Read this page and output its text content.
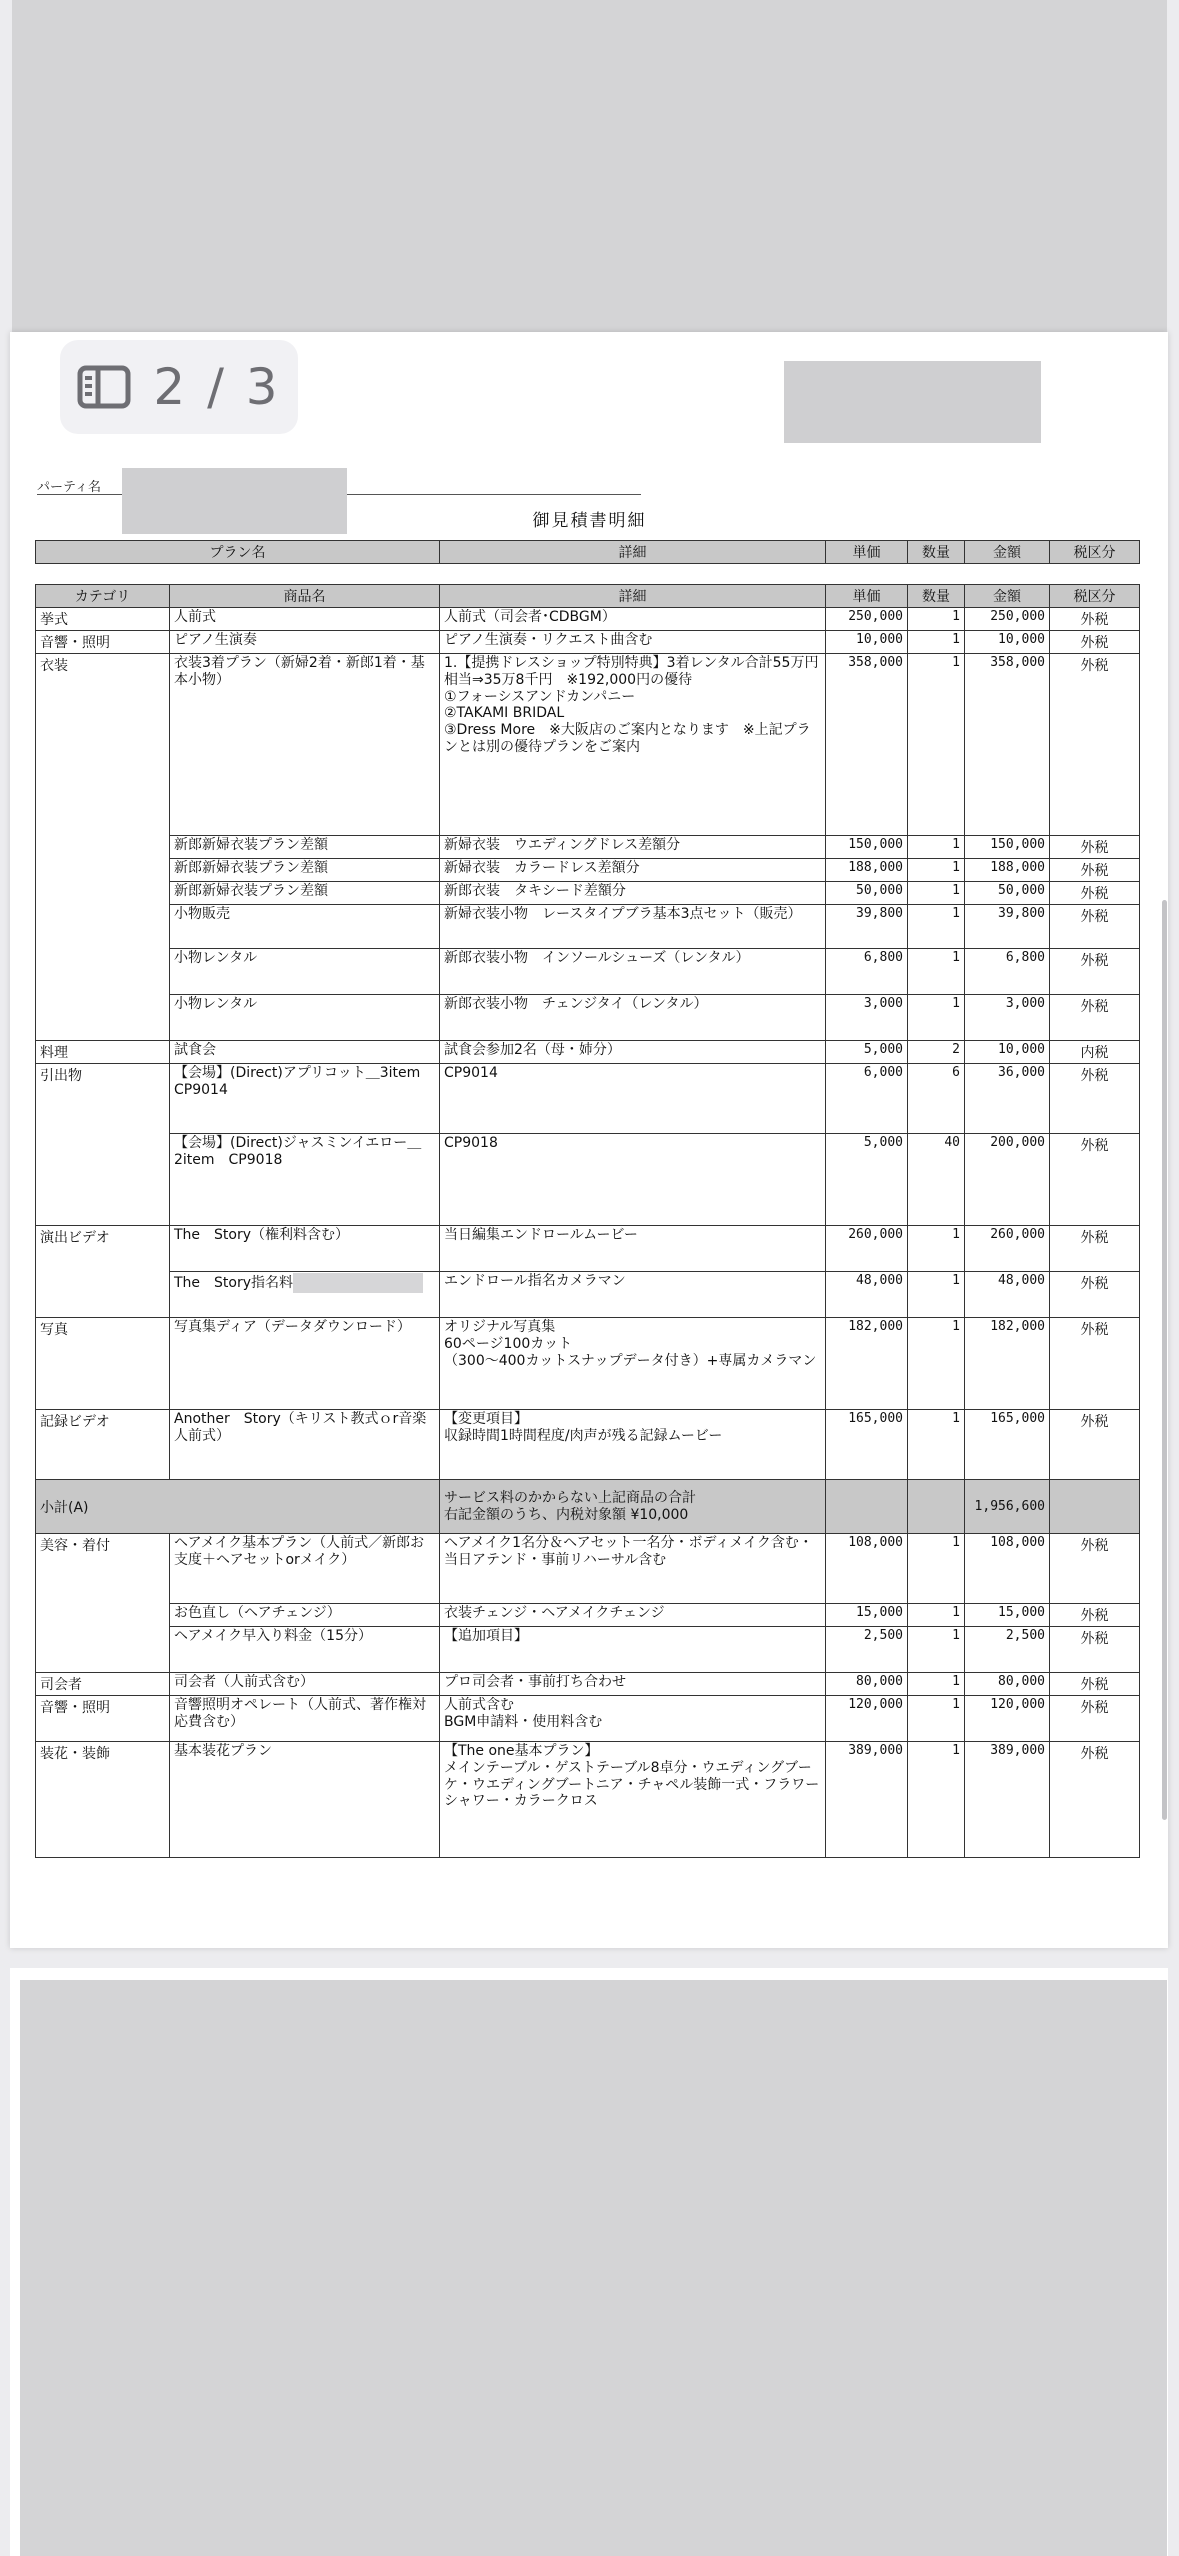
2 / 3
パーティ名
御見積書明細
プラン名	詳細	単価	数量	金額	税区分
カテゴリ	商品名	詳細	単価	数量	金額	税区分
挙式	人前式	人前式（司会者･CDBGM）	250,000	1	250,000	外税
音響・照明	ピアノ生演奏	ピアノ生演奏・リクエスト曲含む	10,000	1	10,000	外税
衣装	衣装3着プラン（新婦2着・新郎1着・基本小物）	1.【提携ドレスショップ特別特典】3着レンタル合計55万円相当⇒35万8千円　※192,000円の優待
①フォーシスアンドカンパニー
②TAKAMI BRIDAL
③Dress More　※大阪店のご案内となります　※上記プランとは別の優待プランをご案内	358,000	1	358,000	外税
	新郎新婦衣装プラン差額	新婦衣装　ウエディングドレス差額分	150,000	1	150,000	外税
	新郎新婦衣装プラン差額	新婦衣装　カラードレス差額分	188,000	1	188,000	外税
	新郎新婦衣装プラン差額	新郎衣装　タキシード差額分	50,000	1	50,000	外税
	小物販売	新婦衣装小物　レースタイプブラ基本3点セット（販売）	39,800	1	39,800	外税
	小物レンタル	新郎衣装小物　インソールシューズ（レンタル）	6,800	1	6,800	外税
	小物レンタル	新郎衣装小物　チェンジタイ（レンタル）	3,000	1	3,000	外税
料理	試食会	試食会参加2名（母・姉分）	5,000	2	10,000	内税
引出物	【会場】(Direct)アプリコット＿3item CP9014	CP9014	6,000	6	36,000	外税
	【会場】(Direct)ジャスミンイエロー＿2item　CP9018	CP9018	5,000	40	200,000	外税
演出ビデオ	The　Story（権利料含む）	当日編集エンドロールムービー	260,000	1	260,000	外税
	The　Story指名料	エンドロール指名カメラマン	48,000	1	48,000	外税
写真	写真集ディア（データダウンロード）	オリジナル写真集
60ページ100カット
（300～400カットスナップデータ付き）+専属カメラマン	182,000	1	182,000	外税
記録ビデオ	Another　Story（キリスト教式ｏr音楽人前式）	【変更項目】
収録時間1時間程度/肉声が残る記録ムービー	165,000	1	165,000	外税
小計(A)		サービス料のかからない上記商品の合計
右記金額のうち、内税対象額 ¥10,000			1,956,600	
美容・着付	ヘアメイク基本プラン（人前式／新郎お支度＋ヘアセットorメイク）	ヘアメイク1名分＆ヘアセット一名分・ボディメイク含む・当日アテンド・事前リハーサル含む	108,000	1	108,000	外税
	お色直し（ヘアチェンジ）	衣装チェンジ・ヘアメイクチェンジ	15,000	1	15,000	外税
	ヘアメイク早入り料金（15分）	【追加項目】	2,500	1	2,500	外税
司会者	司会者（人前式含む）	プロ司会者・事前打ち合わせ	80,000	1	80,000	外税
音響・照明	音響照明オペレート（人前式、著作権対応費含む）	人前式含む
BGM申請料・使用料含む	120,000	1	120,000	外税
装花・装飾	基本装花プラン	【The one基本プラン】
メインテーブル・ゲストテーブル8卓分・ウエディングブーケ・ウエディングブートニア・チャペル装飾一式・フラワーシャワー・カラークロス	389,000	1	389,000	外税
